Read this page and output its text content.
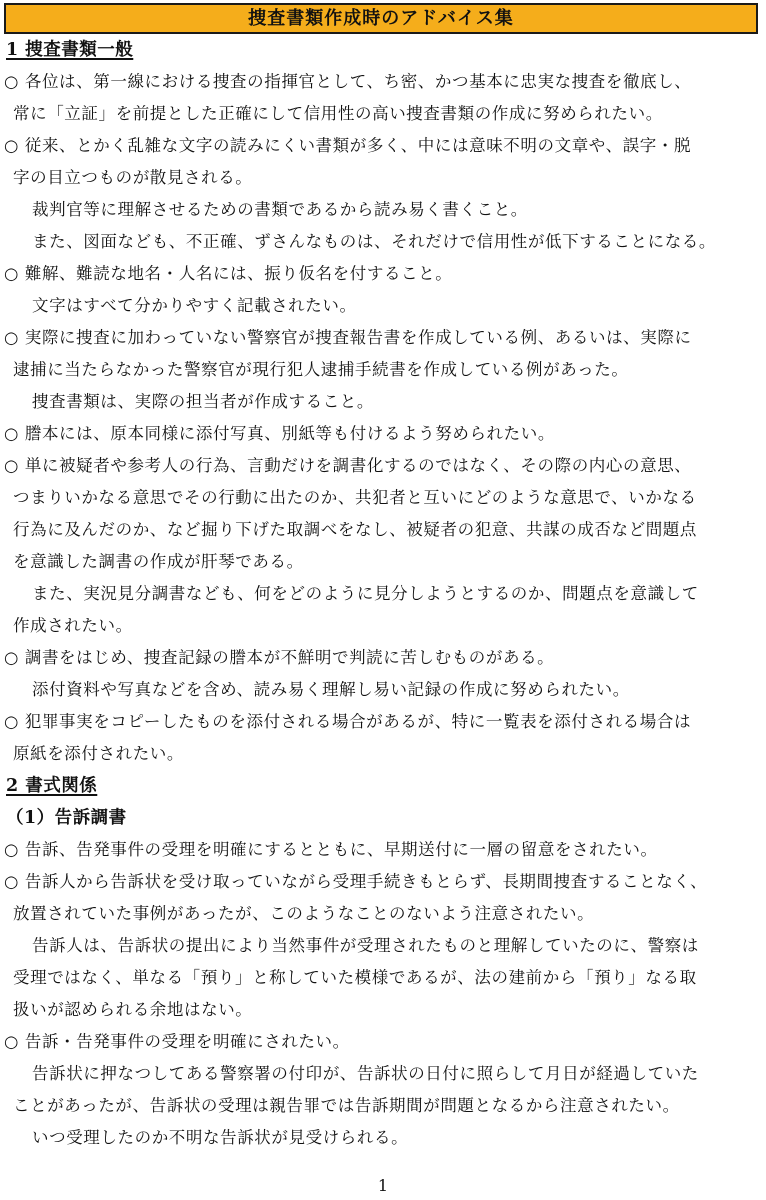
捜査書類作成時のアドバイス集
1 捜査書類一般
○ 各位は、第一線における捜査の指揮官として、ち密、かつ基本に忠実な捜査を徹底し、
常に「立証」を前提とした正確にして信用性の高い捜査書類の作成に努められたい。
○ 従来、とかく乱雑な文字の読みにくい書類が多く、中には意味不明の文章や、誤字・脱
字の目立つものが散見される。
裁判官等に理解させるための書類であるから読み易く書くこと。
また、図面なども、不正確、ずさんなものは、それだけで信用性が低下することになる。
○ 難解、難読な地名・人名には、振り仮名を付すること。
文字はすべて分かりやすく記載されたい。
○ 実際に捜査に加わっていない警察官が捜査報告書を作成している例、あるいは、実際に
逮捕に当たらなかった警察官が現行犯人逮捕手続書を作成している例があった。
捜査書類は、実際の担当者が作成すること。
○ 謄本には、原本同様に添付写真、別紙等も付けるよう努められたい。
○ 単に被疑者や参考人の行為、言動だけを調書化するのではなく、その際の内心の意思、
つまりいかなる意思でその行動に出たのか、共犯者と互いにどのような意思で、いかなる
行為に及んだのか、など掘り下げた取調べをなし、被疑者の犯意、共謀の成否など問題点
を意識した調書の作成が肝琴である。
また、実況見分調書なども、何をどのように見分しようとするのか、問題点を意識して
作成されたい。
○ 調書をはじめ、捜査記録の謄本が不鮮明で判読に苦しむものがある。
添付資料や写真などを含め、読み易く理解し易い記録の作成に努められたい。
○ 犯罪事実をコピーしたものを添付される場合があるが、特に一覧表を添付される場合は
原紙を添付されたい。
2 書式関係
（1）告訴調書
○ 告訴、告発事件の受理を明確にするとともに、早期送付に一層の留意をされたい。
○ 告訴人から告訴状を受け取っていながら受理手続きもとらず、長期間捜査することなく、
放置されていた事例があったが、このようなことのないよう注意されたい。
告訴人は、告訴状の提出により当然事件が受理されたものと理解していたのに、警察は
受理ではなく、単なる「預り」と称していた模様であるが、法の建前から「預り」なる取
扱いが認められる余地はない。
○ 告訴・告発事件の受理を明確にされたい。
告訴状に押なつしてある警察署の付印が、告訴状の日付に照らして月日が経過していた
ことがあったが、告訴状の受理は親告罪では告訴期間が問題となるから注意されたい。
いつ受理したのか不明な告訴状が見受けられる。
1
